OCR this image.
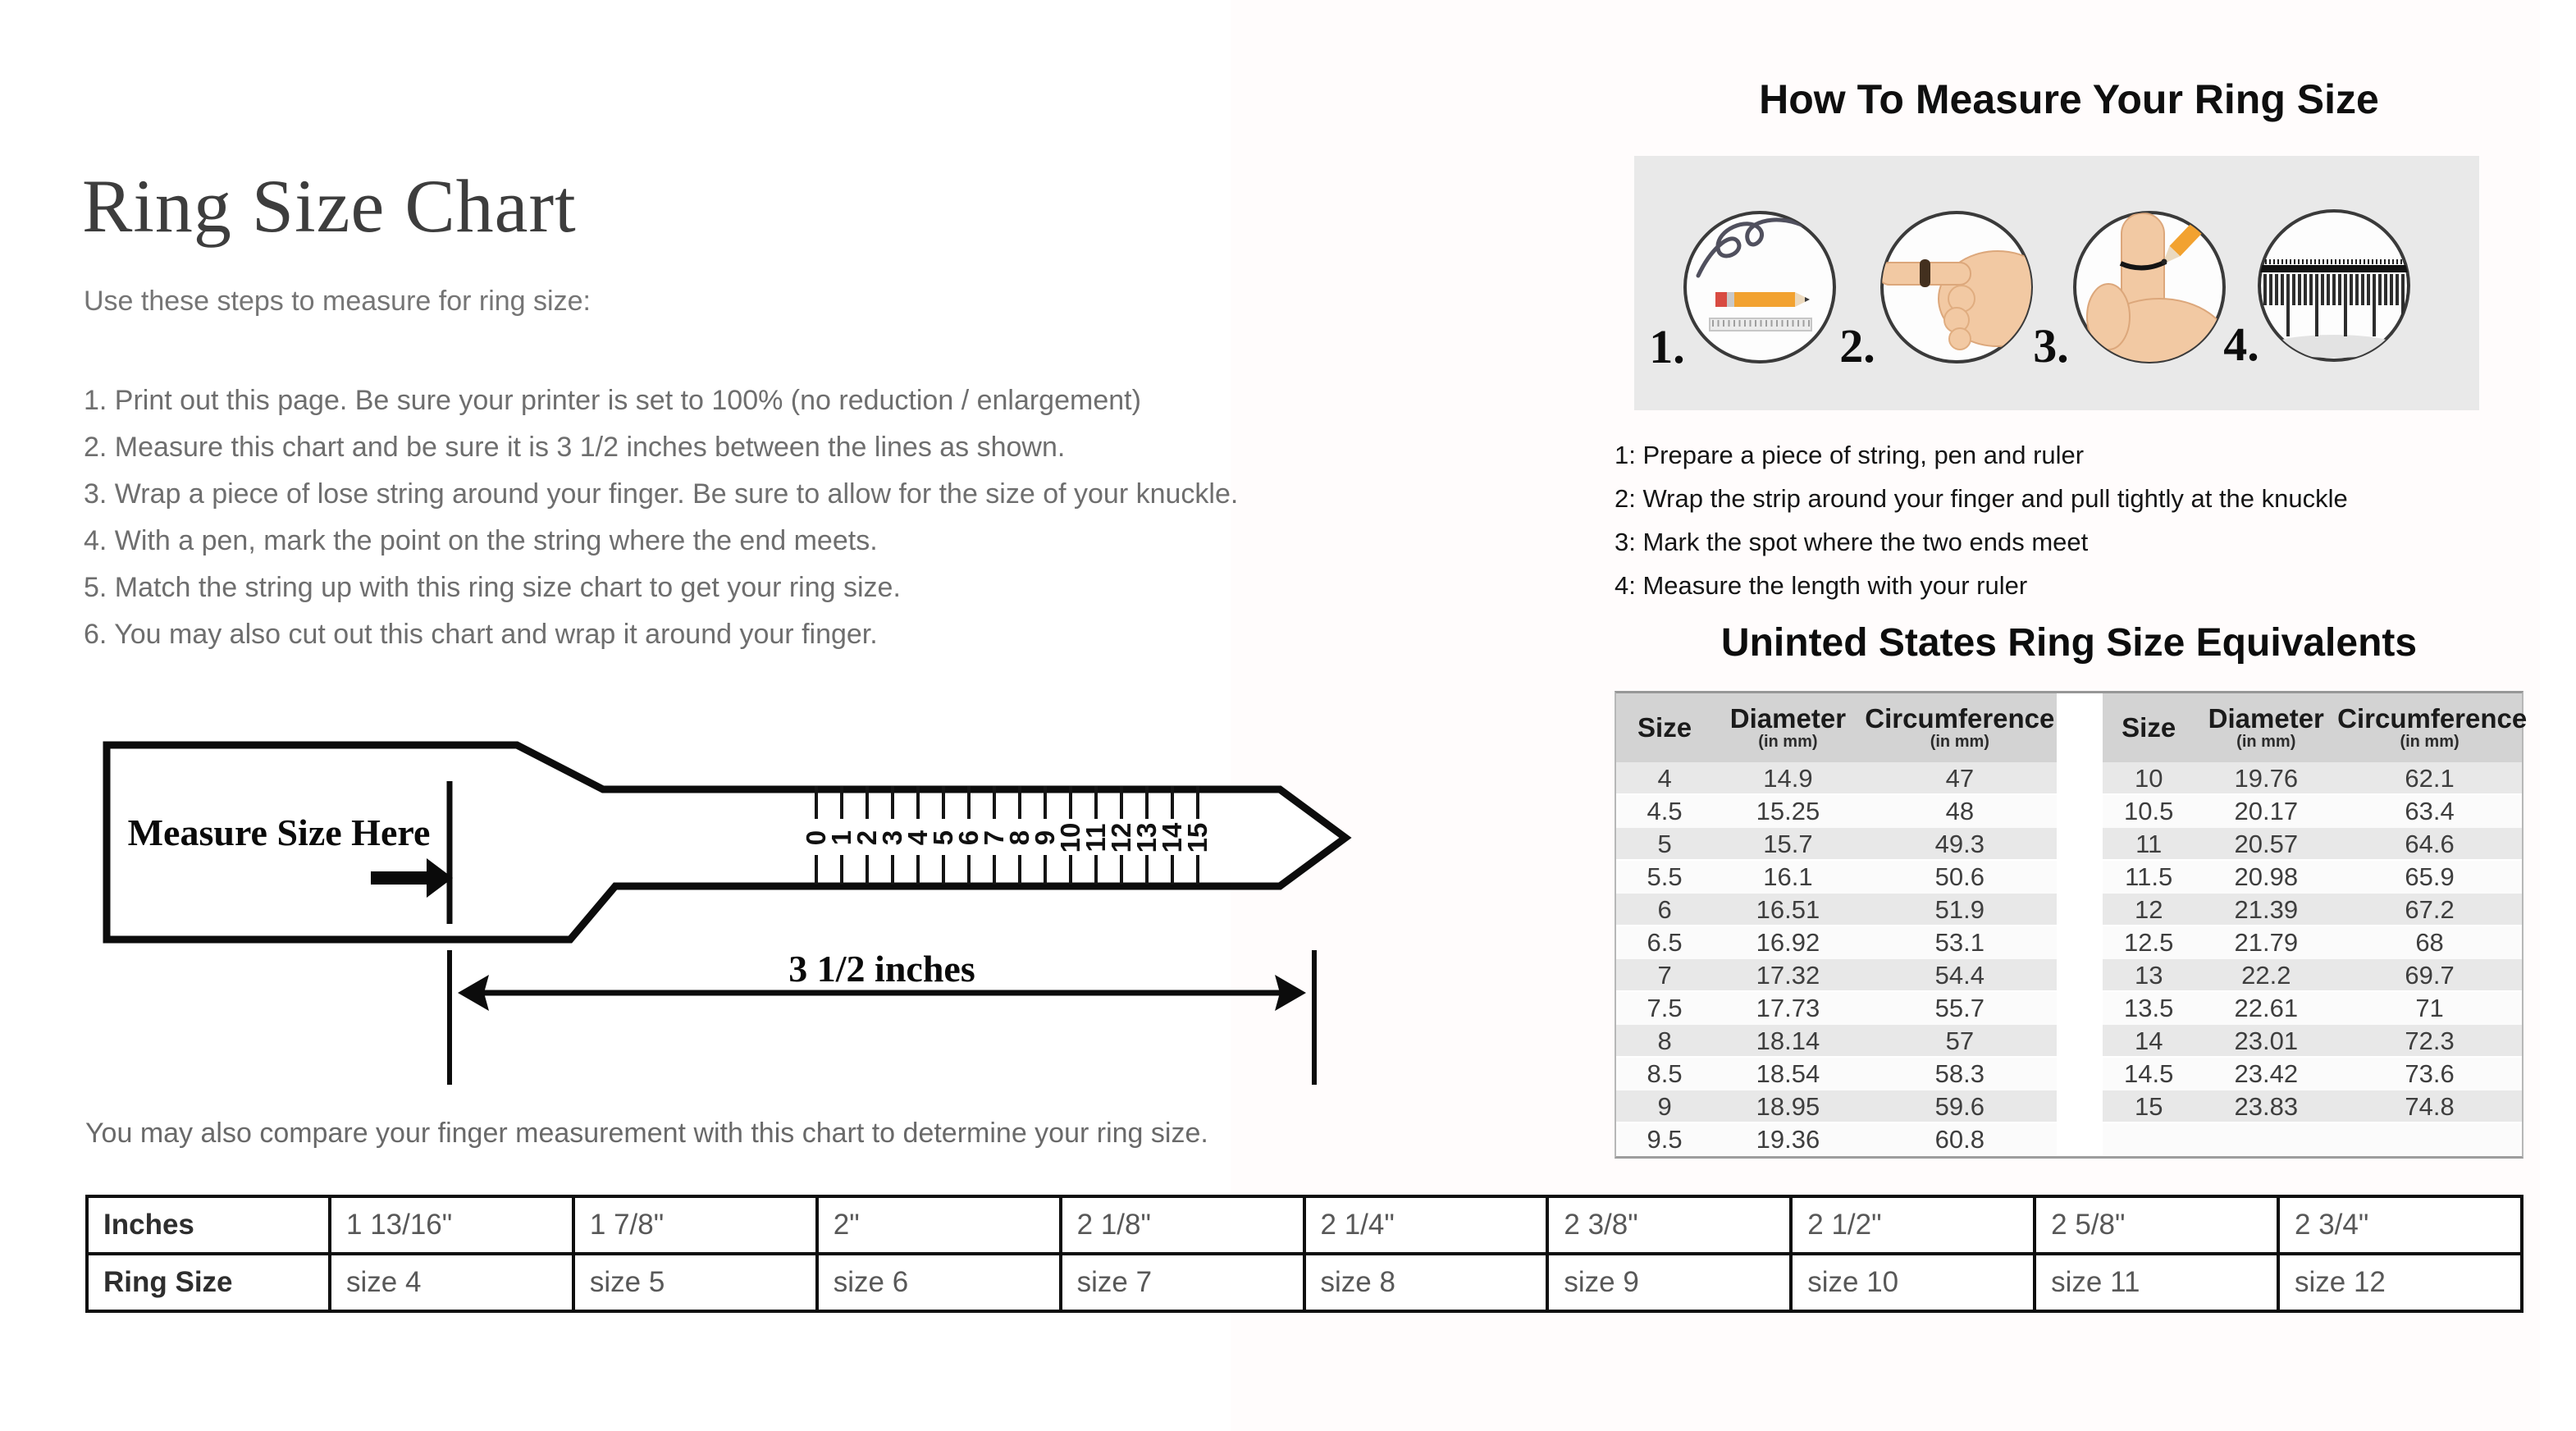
Ring Size Chart

Use these steps to measure for ring size:

1. Print out this page. Be sure your printer is set to 100% (no reduction / enlargement)
2. Measure this chart and be sure it is 3 1/2 inches between the lines as shown.
3. Wrap a piece of lose string around your finger. Be sure to allow for the size of your knuckle.
4. With a pen, mark the point on the string where the end meets.
5. Match the string up with this ring size chart to get your ring size.
6. You may also cut out this chart and wrap it around your finger.
Measure Size Here	0
1
2
3
4
5
6
7
8
9
10
11
12
13
14
15
3 1/2 inches

You may also compare your finger measurement with this chart to determine your ring size.

Inches	1 13/16"	1 7/8"	2"	2 1/8"	2 1/4"	2 3/8"	2 1/2"	2 5/8"	2 3/4"
Ring Size	size 4	size 5	size 6	size 7	size 8	size 9	size 10	size 11	size 12
How To Measure Your Ring Size
1.	2.	3.	4.
1: Prepare a piece of string, pen and ruler
2: Wrap the strip around your finger and pull tightly at the knuckle
3: Mark the spot where the two ends meet
4: Measure the length with your ruler
Uninted States Ring Size Equivalents
Size	Diameter
(in mm)
Circumference
(in mm)
4	14.9	47
4.5	15.25	48
5	15.7	49.3
5.5	16.1	50.6
6	16.51	51.9
6.5	16.92	53.1
7	17.32	54.4
7.5	17.73	55.7
8	18.14	57
8.5	18.54	58.3
9	18.95	59.6
9.5	19.36	60.8
Size	Diameter
(in mm)
Circumference
(in mm)
10	19.76	62.1
10.5	20.17	63.4
11	20.57	64.6
11.5	20.98	65.9
12	21.39	67.2
12.5	21.79	68
13	22.2	69.7
13.5	22.61	71
14	23.01	72.3
14.5	23.42	73.6
15	23.83	74.8
